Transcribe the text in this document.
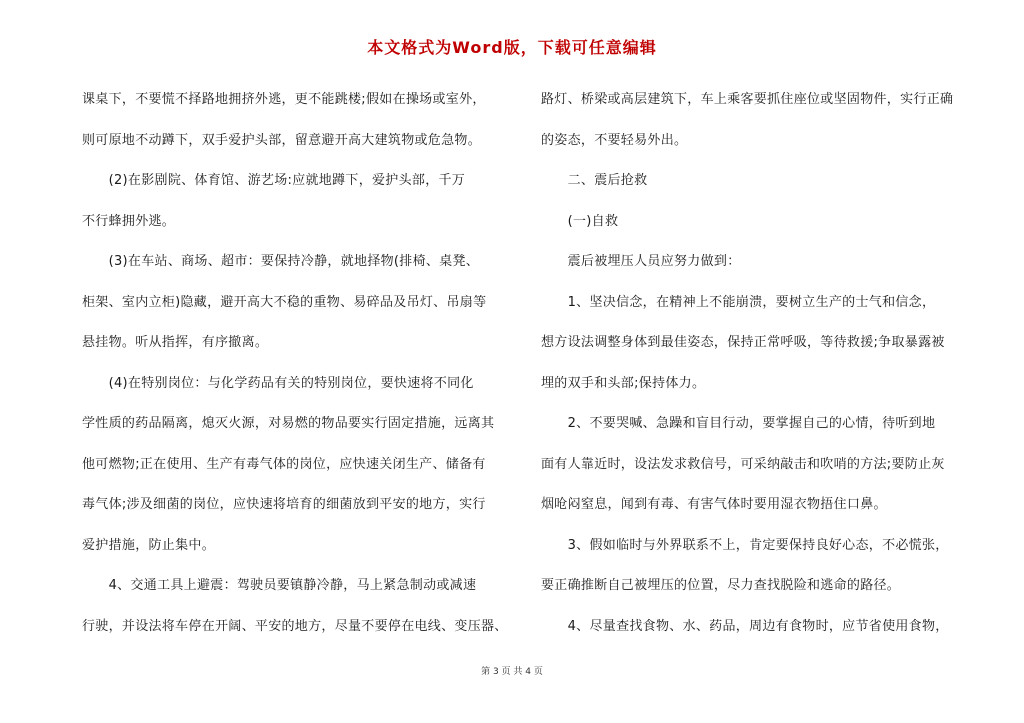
本文格式为Word版，下载可任意编辑
课桌下，不要慌不择路地拥挤外逃，更不能跳楼;假如在操场或室外，
则可原地不动蹲下，双手爱护头部，留意避开高大建筑物或危急物。
　　(2)在影剧院、体育馆、游艺场:应就地蹲下，爱护头部，千万
不行蜂拥外逃。
　　(3)在车站、商场、超市：要保持冷静，就地择物(排椅、桌凳、
柜架、室内立柜)隐藏，避开高大不稳的重物、易碎品及吊灯、吊扇等
悬挂物。听从指挥，有序撤离。
　　(4)在特别岗位：与化学药品有关的特别岗位，要快速将不同化
学性质的药品隔离，熄灭火源，对易燃的物品要实行固定措施，远离其
他可燃物;正在使用、生产有毒气体的岗位，应快速关闭生产、储备有
毒气体;涉及细菌的岗位，应快速将培育的细菌放到平安的地方，实行
爱护措施，防止集中。
　　4、交通工具上避震：驾驶员要镇静冷静，马上紧急制动或减速
行驶，并设法将车停在开阔、平安的地方，尽量不要停在电线、变压器、
路灯、桥梁或高层建筑下，车上乘客要抓住座位或坚固物件，实行正确
的姿态，不要轻易外出。
　　二、震后抢救
　　(一)自救
　　震后被埋压人员应努力做到：
　　1、坚决信念，在精神上不能崩溃，要树立生产的士气和信念，
想方设法调整身体到最佳姿态，保持正常呼吸，等待救援;争取暴露被
埋的双手和头部;保持体力。
　　2、不要哭喊、急躁和盲目行动，要掌握自己的心情，待听到地
面有人靠近时，设法发求救信号，可采纳敲击和吹哨的方法;要防止灰
烟呛闷窒息，闻到有毒、有害气体时要用湿衣物捂住口鼻。
　　3、假如临时与外界联系不上，肯定要保持良好心态，不必慌张，
要正确推断自己被埋压的位置，尽力查找脱险和逃命的路径。
　　4、尽量查找食物、水、药品，周边有食物时，应节省使用食物，
第 3 页 共 4 页
